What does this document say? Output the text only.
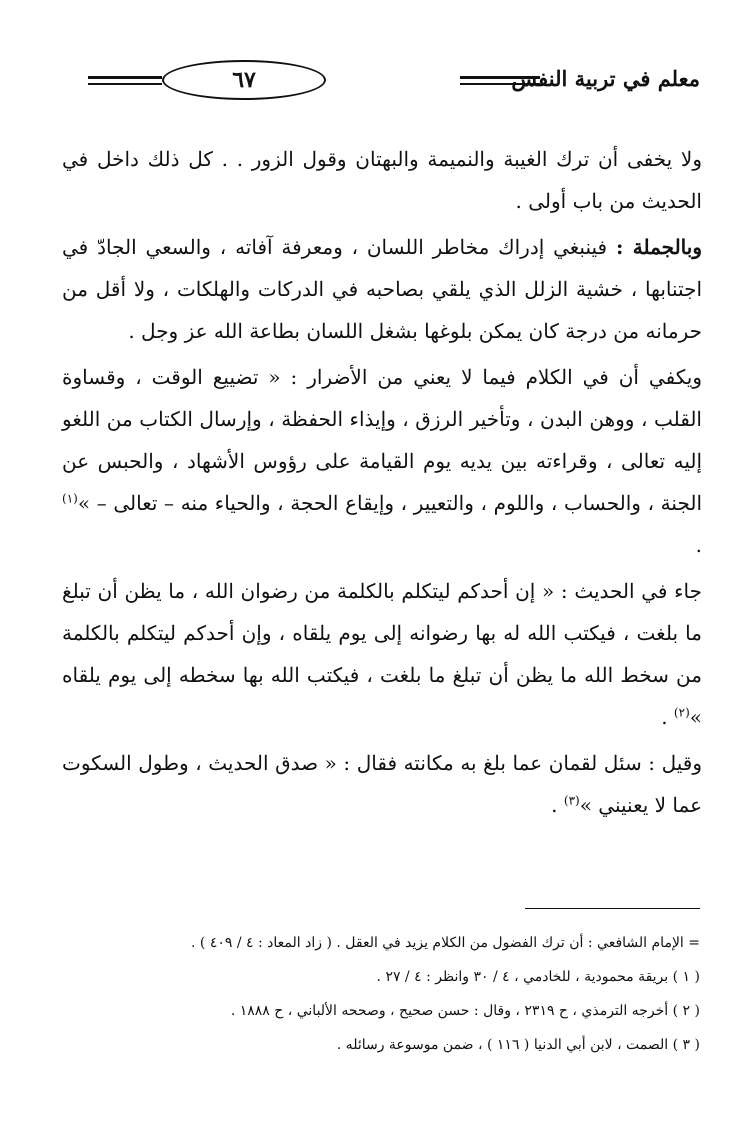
معلم في تربية النفس
٦٧

ولا يخفى أن ترك الغيبة والنميمة والبهتان وقول الزور . . كل ذلك داخل في الحديث من باب أولى .

وبالجملة : فينبغي إدراك مخاطر اللسان ، ومعرفة آفاته ، والسعي الجادّ في اجتنابها ، خشية الزلل الذي يلقي بصاحبه في الدركات والهلكات ، ولا أقل من حرمانه من درجة كان يمكن بلوغها بشغل اللسان بطاعة الله عز وجل .

ويكفي أن في الكلام فيما لا يعني من الأضرار : « تضييع الوقت ، وقساوة القلب ، ووهن البدن ، وتأخير الرزق ، وإيذاء الحفظة ، وإرسال الكتاب من اللغو إليه تعالى ، وقراءته بين يديه يوم القيامة على رؤوس الأشهاد ، والحبس عن الجنة ، والحساب ، واللوم ، والتعيير ، وإيقاع الحجة ، والحياء منه – تعالى – »$^{(١)}$ .

جاء في الحديث : « إن أحدكم ليتكلم بالكلمة من رضوان الله ، ما يظن أن تبلغ ما بلغت ، فيكتب الله له بها رضوانه إلى يوم يلقاه ، وإن أحدكم ليتكلم بالكلمة من سخط الله ما يظن أن تبلغ ما بلغت ، فيكتب الله بها سخطه إلى يوم يلقاه »$^{(٢)}$ .

وقيل : سئل لقمان عما بلغ به مكانته فقال : « صدق الحديث ، وطول السكوت عما لا يعنيني »$^{(٣)}$ .

= الإمام الشافعي : أن ترك الفضول من الكلام يزيد في العقل . ( زاد المعاد : ٤ / ٤٠٩ ) .

( ١ ) بريقة محمودية ، للخادمي ، ٤ / ٣٠ وانظر : ٤ / ٢٧ .

( ٢ ) أخرجه الترمذي ، ح ٢٣١٩ ، وقال : حسن صحيح ، وصححه الألباني ، ح ١٨٨٨ .

( ٣ ) الصمت ، لابن أبي الدنيا ( ١١٦ ) ، ضمن موسوعة رسائله .
